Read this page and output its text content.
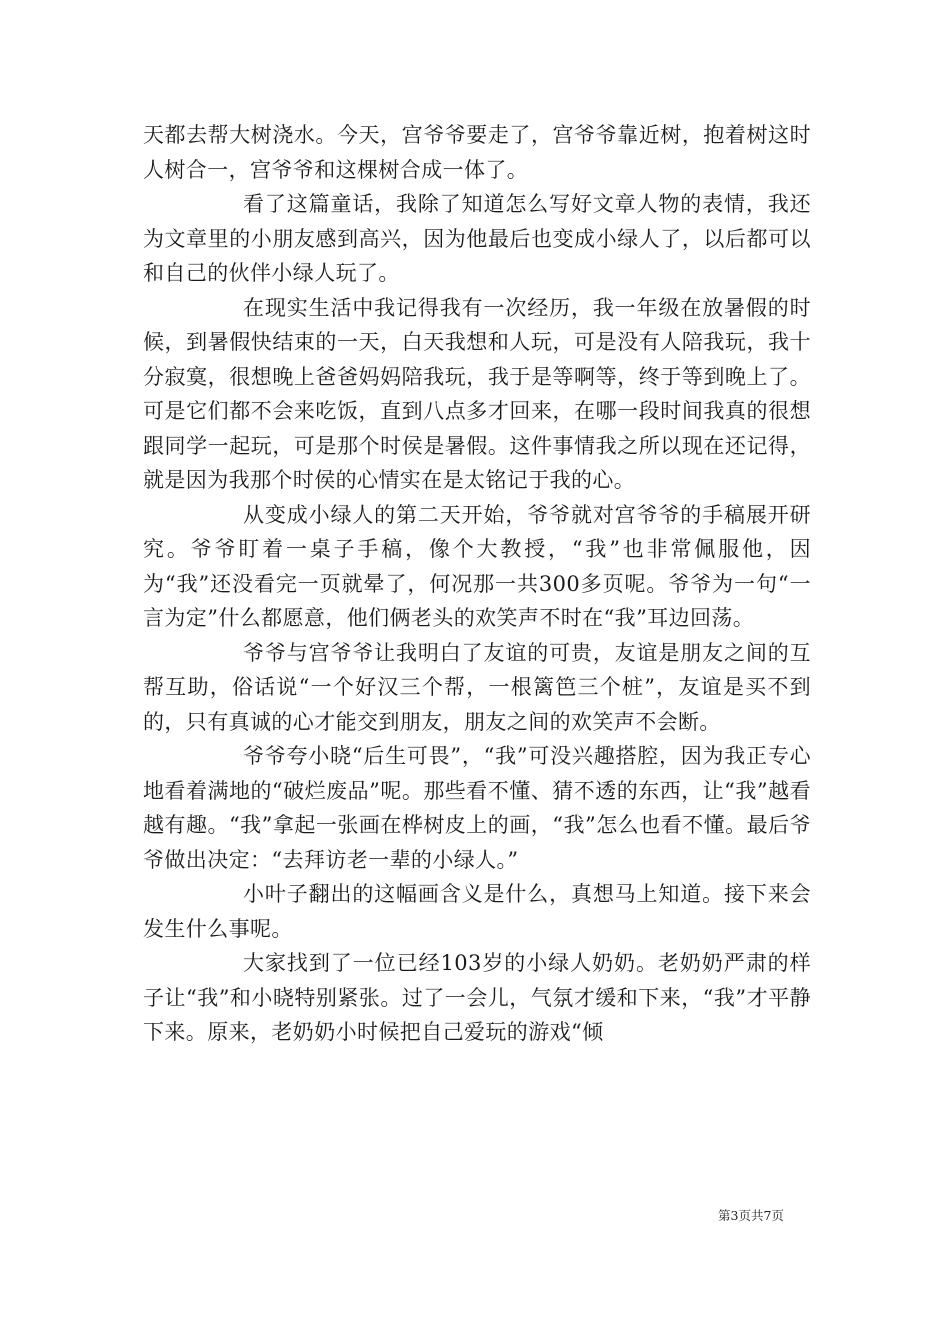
天都去帮大树浇水。今天，宫爷爷要走了，宫爷爷靠近树，抱着树这时人树合一，宫爷爷和这棵树合成一体了。

看了这篇童话，我除了知道怎么写好文章人物的表情，我还为文章里的小朋友感到高兴，因为他最后也变成小绿人了，以后都可以和自己的伙伴小绿人玩了。

在现实生活中我记得我有一次经历，我一年级在放暑假的时候，到暑假快结束的一天，白天我想和人玩，可是没有人陪我玩，我十分寂寞，很想晚上爸爸妈妈陪我玩，我于是等啊等，终于等到晚上了。可是它们都不会来吃饭，直到八点多才回来，在哪一段时间我真的很想跟同学一起玩，可是那个时侯是暑假。这件事情我之所以现在还记得，就是因为我那个时侯的心情实在是太铭记于我的心。

从变成小绿人的第二天开始，爷爷就对宫爷爷的手稿展开研究。爷爷盯着一桌子手稿，像个大教授，“我”也非常佩服他，因为“我”还没看完一页就晕了，何况那一共300多页呢。爷爷为一句“一言为定”什么都愿意，他们俩老头的欢笑声不时在“我”耳边回荡。

爷爷与宫爷爷让我明白了友谊的可贵，友谊是朋友之间的互帮互助，俗话说“一个好汉三个帮，一根篱笆三个桩”，友谊是买不到的，只有真诚的心才能交到朋友，朋友之间的欢笑声不会断。

爷爷夸小晓“后生可畏”，“我”可没兴趣搭腔，因为我正专心地看着满地的“破烂废品”呢。那些看不懂、猜不透的东西，让“我”越看越有趣。“我”拿起一张画在桦树皮上的画，“我”怎么也看不懂。最后爷爷做出决定：“去拜访老一辈的小绿人。”

小叶子翻出的这幅画含义是什么，真想马上知道。接下来会发生什么事呢。

大家找到了一位已经103岁的小绿人奶奶。老奶奶严肃的样子让“我”和小晓特别紧张。过了一会儿，气氛才缓和下来，“我”才平静下来。原来，老奶奶小时候把自己爱玩的游戏“倾

第3页共7页
